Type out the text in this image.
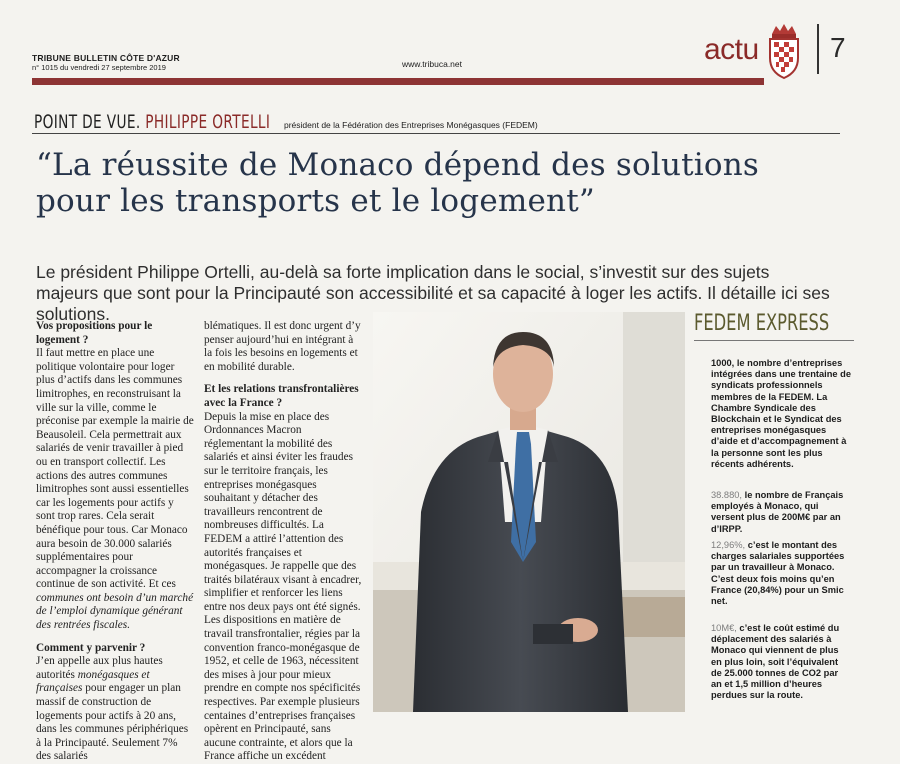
TRIBUNE BULLETIN CÔTE D'AZUR
n° 1015 du vendredi 27 septembre 2019	www.tribuca.net	actu	7
POINT DE VUE. PHILIPPE ORTELLI président de la Fédération des Entreprises Monégasques (FEDEM)
“La réussite de Monaco dépend des solutions
pour les transports et le logement”
Le président Philippe Ortelli, au-delà sa forte implication dans le social, s’investit sur des sujets majeurs que sont pour la Principauté son accessibilité et sa capacité à loger les actifs. Il détaille ici ses solutions.

Vos propositions pour le logement ?

Il faut mettre en place une politique volontaire pour loger plus d’actifs dans les communes limitrophes, en reconstruisant la ville sur la ville, comme le préconise par exemple la mairie de Beausoleil. Cela permettrait aux salariés de venir travailler à pied ou en transport collectif. Les actions des autres communes limitrophes sont aussi essentielles car les logements pour actifs y sont trop rares. Cela serait bénéfique pour tous. Car Monaco aura besoin de 30.000 salariés supplémentaires pour accompagner la croissance continue de son activité. Et ces communes ont besoin d’un marché de l’emploi dynamique générant des rentrées fiscales.

Comment y parvenir ?

J’en appelle aux plus hautes autorités monégasques et françaises pour engager un plan massif de construction de logements pour actifs à 20 ans, dans les communes périphériques à la Principauté. Seulement 7% des salariés

blématiques. Il est donc urgent d’y penser aujourd’hui en intégrant à la fois les besoins en logements et en mobilité durable.

Et les relations transfrontalières avec la France ?

Depuis la mise en place des Ordonnances Macron réglementant la mobilité des salariés et ainsi éviter les fraudes sur le territoire français, les entreprises monégasques souhaitant y détacher des travailleurs rencontrent de nombreuses difficultés. La FEDEM a attiré l’attention des autorités françaises et monégasques. Je rappelle que des traités bilatéraux visant à encadrer, simplifier et renforcer les liens entre nos deux pays ont été signés. Les dispositions en matière de travail transfrontalier, régies par la convention franco-monégasque de 1952, et celle de 1963, nécessitent des mises à jour pour mieux prendre en compte nos spécificités respectives. Par exemple plusieurs centaines d’entreprises françaises opèrent en Principauté, sans aucune contrainte, et alors que la France affiche un excédent

FEDEM EXPRESS
1000, le nombre d’entreprises intégrées dans une trentaine de syndicats professionnels membres de la FEDEM. La Chambre Syndicale des Blockchain et le Syndicat des entreprises monégasques d’aide et d’accompagnement à la personne sont les plus récents adhérents.
38.880, le nombre de Français employés à Monaco, qui versent plus de 200M€ par an d’IRPP.
12,96%, c’est le montant des charges salariales supportées par un travailleur à Monaco. C’est deux fois moins qu’en France (20,84%) pour un Smic net.
10M€, c’est le coût estimé du déplacement des salariés à Monaco qui viennent de plus en plus loin, soit l’équivalent de 25.000 tonnes de CO2 par an et 1,5 million d’heures perdues sur la route.
